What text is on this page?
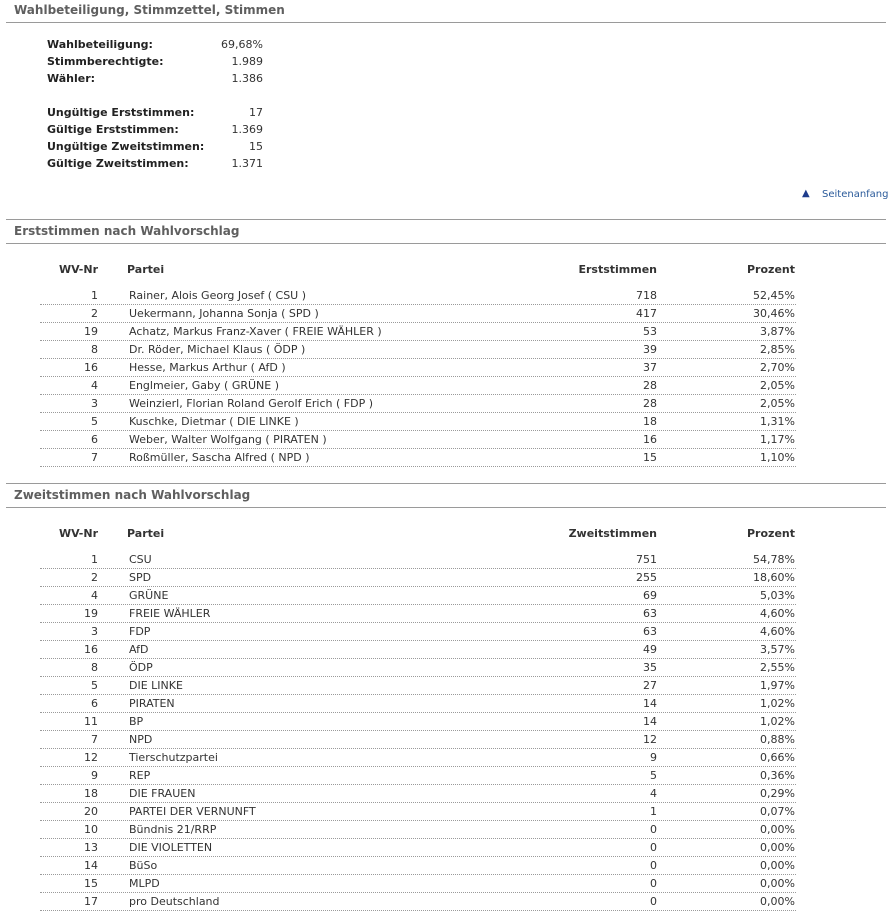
Wahlbeteiligung, Stimmzettel, Stimmen
Wahlbeteiligung:	69,68%
Stimmberechtigte:	1.989
Wähler:	1.386
Ungültige Erststimmen:	17
Gültige Erststimmen:	1.369
Ungültige Zweitstimmen:	15
Gültige Zweitstimmen:	1.371
▲ Seitenanfang
Erststimmen nach Wahlvorschlag
WV-Nr	Partei	Erststimmen	Prozent
1	Rainer, Alois Georg Josef ( CSU )	718	52,45%
2	Uekermann, Johanna Sonja ( SPD )	417	30,46%
19	Achatz, Markus Franz-Xaver ( FREIE WÄHLER )	53	3,87%
8	Dr. Röder, Michael Klaus ( ÖDP )	39	2,85%
16	Hesse, Markus Arthur ( AfD )	37	2,70%
4	Englmeier, Gaby ( GRÜNE )	28	2,05%
3	Weinzierl, Florian Roland Gerolf Erich ( FDP )	28	2,05%
5	Kuschke, Dietmar ( DIE LINKE )	18	1,31%
6	Weber, Walter Wolfgang ( PIRATEN )	16	1,17%
7	Roßmüller, Sascha Alfred ( NPD )	15	1,10%
Zweitstimmen nach Wahlvorschlag
WV-Nr	Partei	Zweitstimmen	Prozent
1	CSU	751	54,78%
2	SPD	255	18,60%
4	GRÜNE	69	5,03%
19	FREIE WÄHLER	63	4,60%
3	FDP	63	4,60%
16	AfD	49	3,57%
8	ÖDP	35	2,55%
5	DIE LINKE	27	1,97%
6	PIRATEN	14	1,02%
11	BP	14	1,02%
7	NPD	12	0,88%
12	Tierschutzpartei	9	0,66%
9	REP	5	0,36%
18	DIE FRAUEN	4	0,29%
20	PARTEI DER VERNUNFT	1	0,07%
10	Bündnis 21/RRP	0	0,00%
13	DIE VIOLETTEN	0	0,00%
14	BüSo	0	0,00%
15	MLPD	0	0,00%
17	pro Deutschland	0	0,00%
